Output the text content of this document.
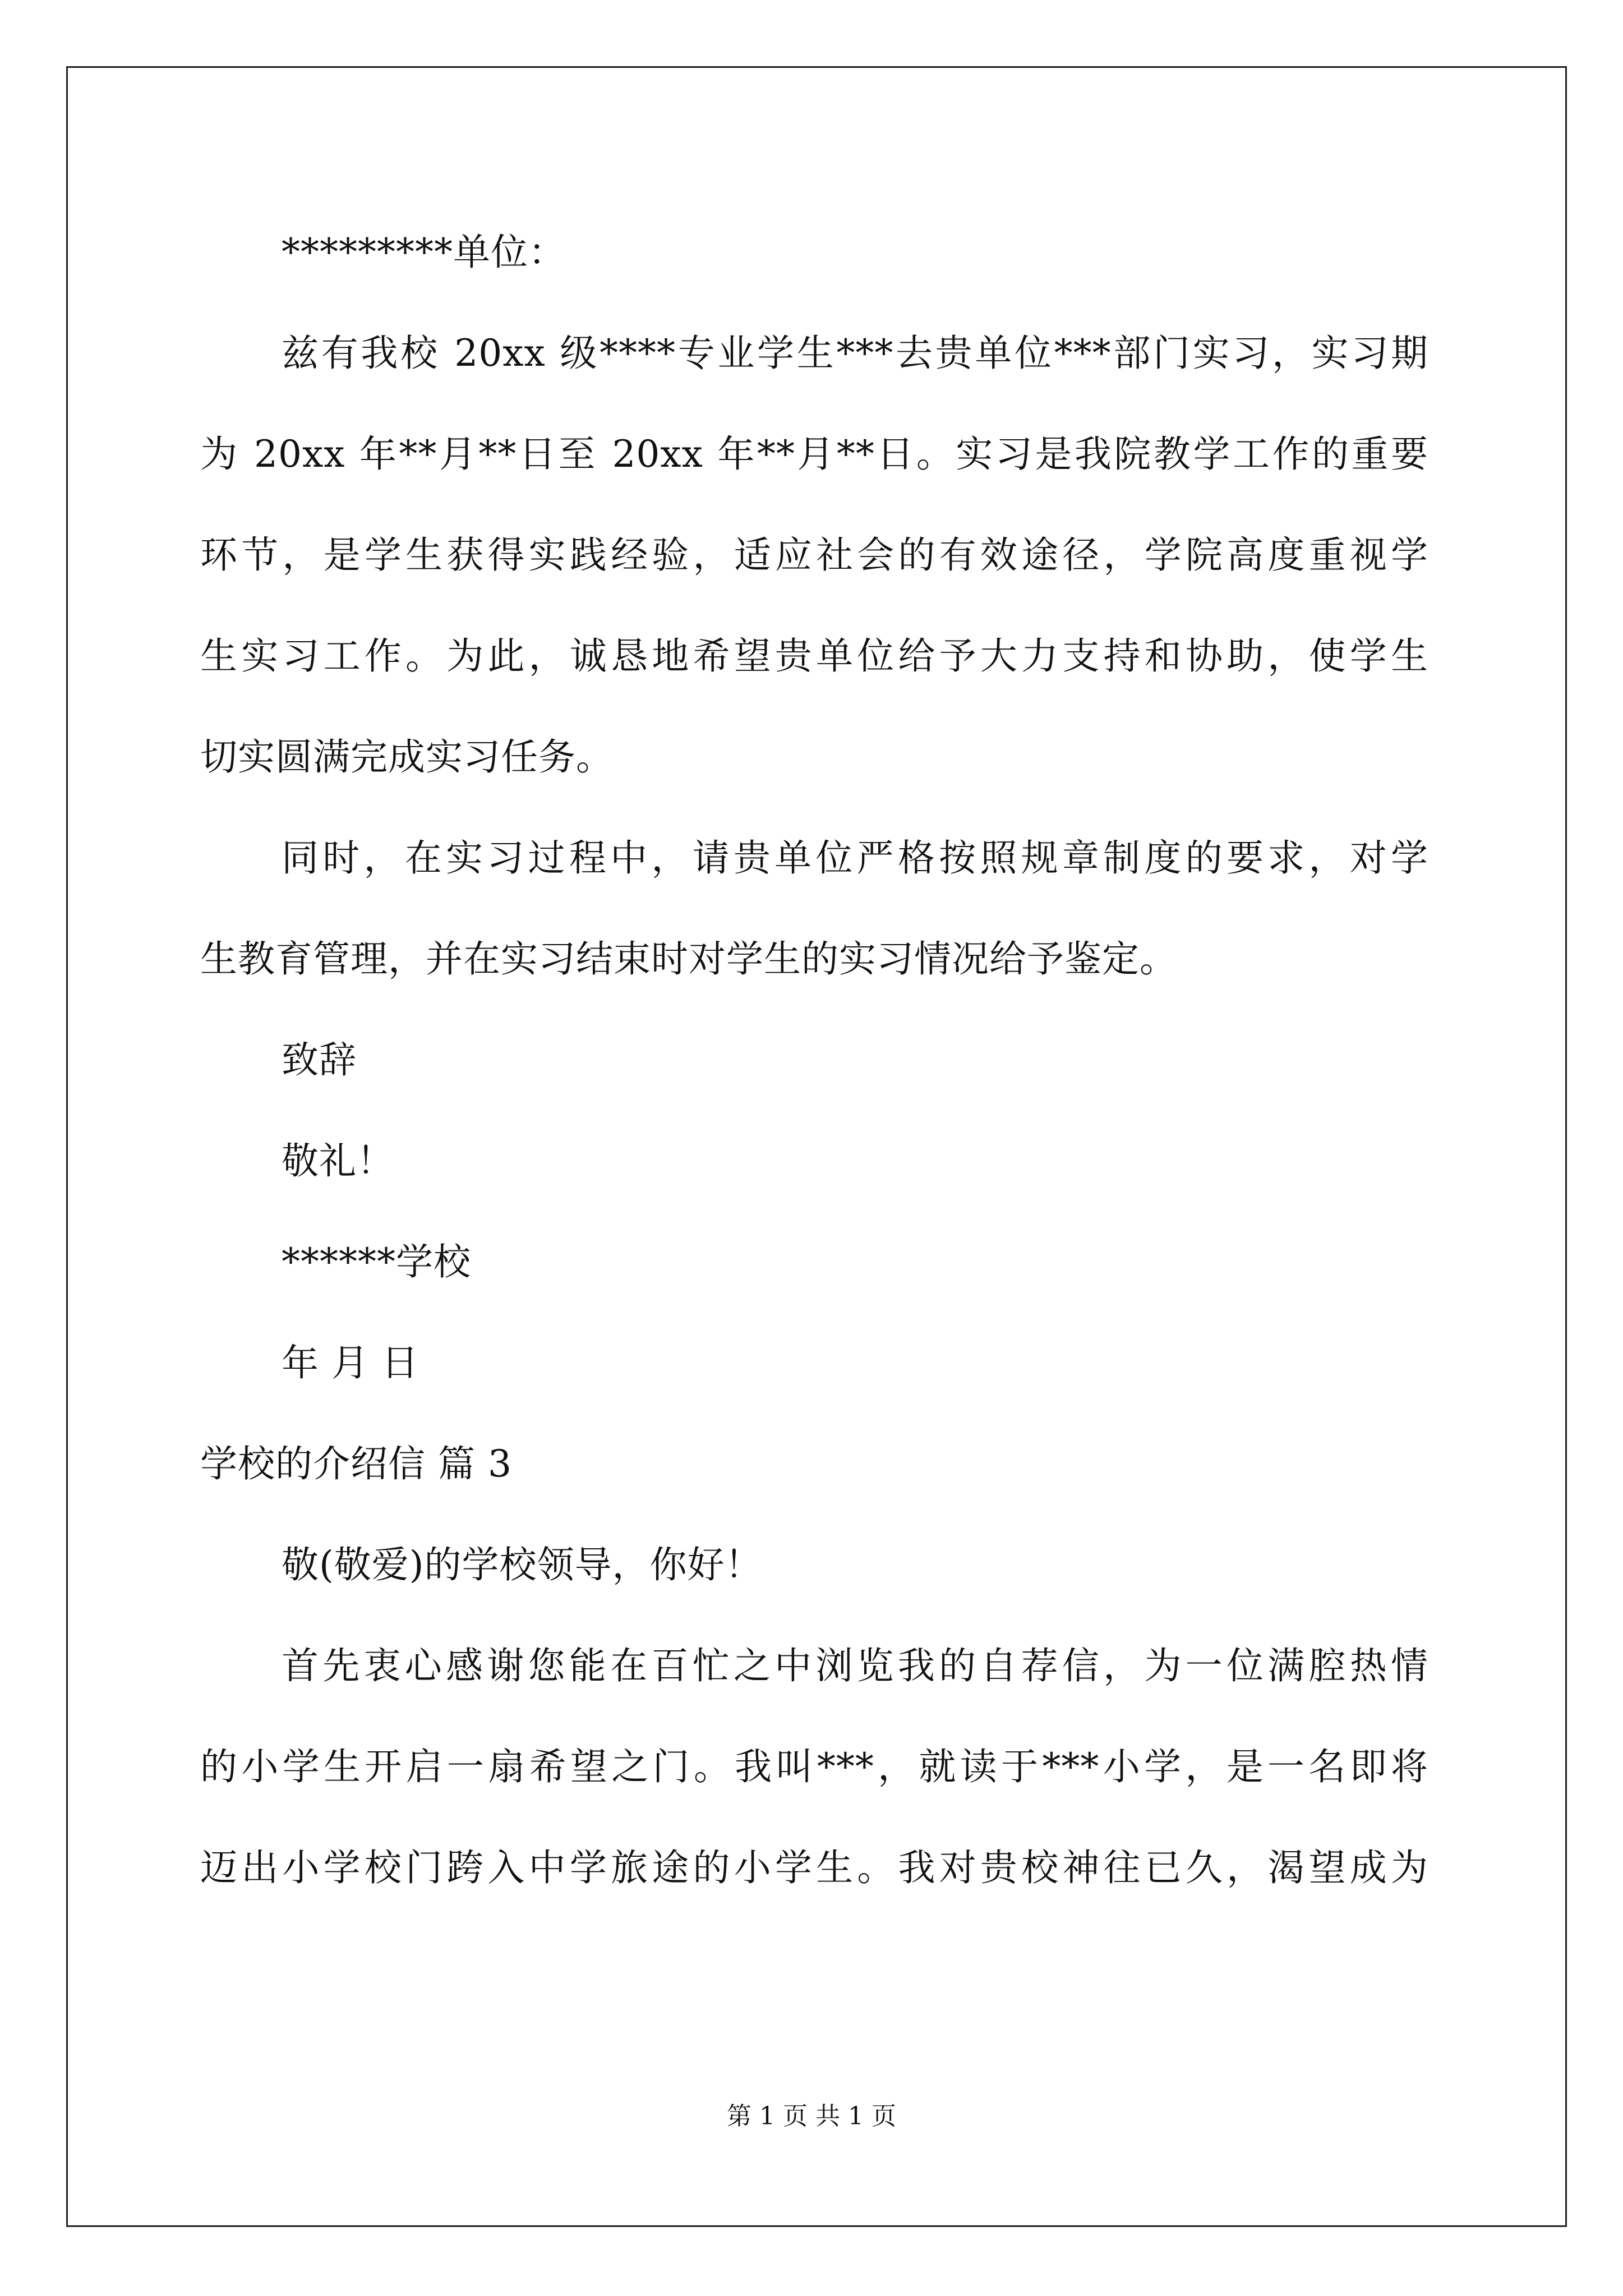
*********单位：
兹有我校 20xx 级****专业学生***去贵单位***部门实习，实习期
为 20xx 年**月**日至 20xx 年**月**日。实习是我院教学工作的重要
环节，是学生获得实践经验，适应社会的有效途径，学院高度重视学
生实习工作。为此，诚恳地希望贵单位给予大力支持和协助，使学生
切实圆满完成实习任务。
同时，在实习过程中，请贵单位严格按照规章制度的要求，对学
生教育管理，并在实习结束时对学生的实习情况给予鉴定。
致辞
敬礼！
******学校
年 月 日
学校的介绍信 篇 3
敬(敬爱)的学校领导，你好！
首先衷心感谢您能在百忙之中浏览我的自荐信，为一位满腔热情
的小学生开启一扇希望之门。我叫***，就读于***小学，是一名即将
迈出小学校门跨入中学旅途的小学生。我对贵校神往已久，渴望成为
第 1 页 共 1 页
